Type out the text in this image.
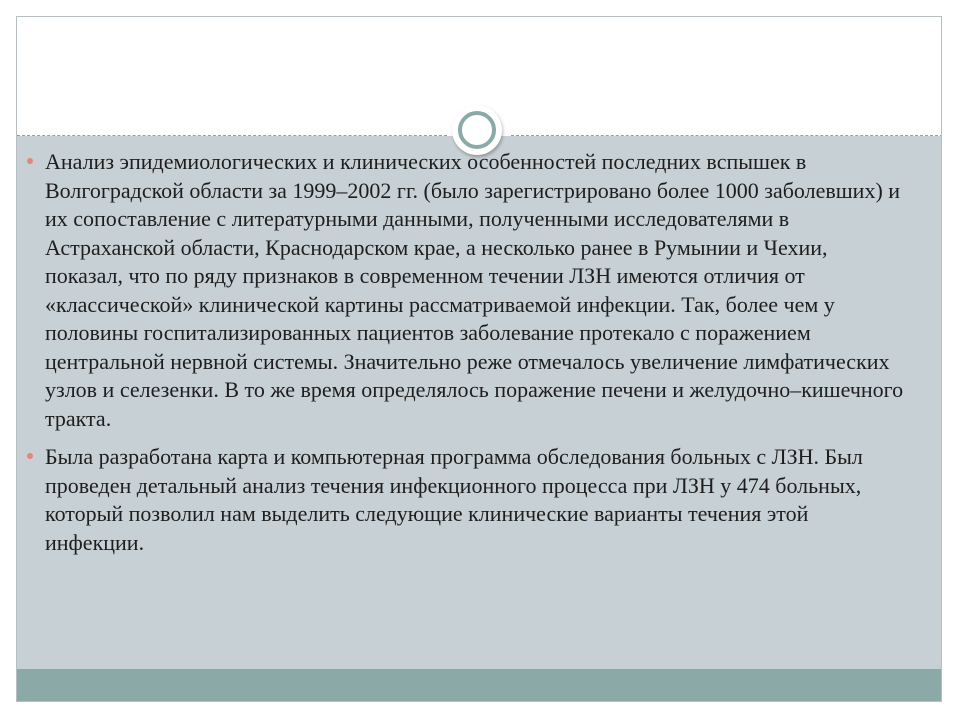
Анализ эпидемиологических и клинических особенностей последних вспышек в Волгоградской области за 1999–2002 гг. (было зарегистрировано более 1000 заболевших) и их сопоставление с литературными данными, полученными исследователями в Астраханской области, Краснодарском крае, а несколько ранее в Румынии и Чехии, показал, что по ряду признаков в современном течении ЛЗН имеются отличия от «классической» клинической картины рассматриваемой инфекции. Так, более чем у половины госпитализированных пациентов заболевание протекало с поражением центральной нервной системы. Значительно реже отмечалось увеличение лимфатических узлов и селезенки. В то же время определялось поражение печени и желудочно–кишечного тракта.
Была разработана карта и компьютерная программа обследования больных с ЛЗН. Был проведен детальный анализ течения инфекционного процесса при ЛЗН у 474 больных, который позволил нам выделить следующие клинические варианты течения этой инфекции.
